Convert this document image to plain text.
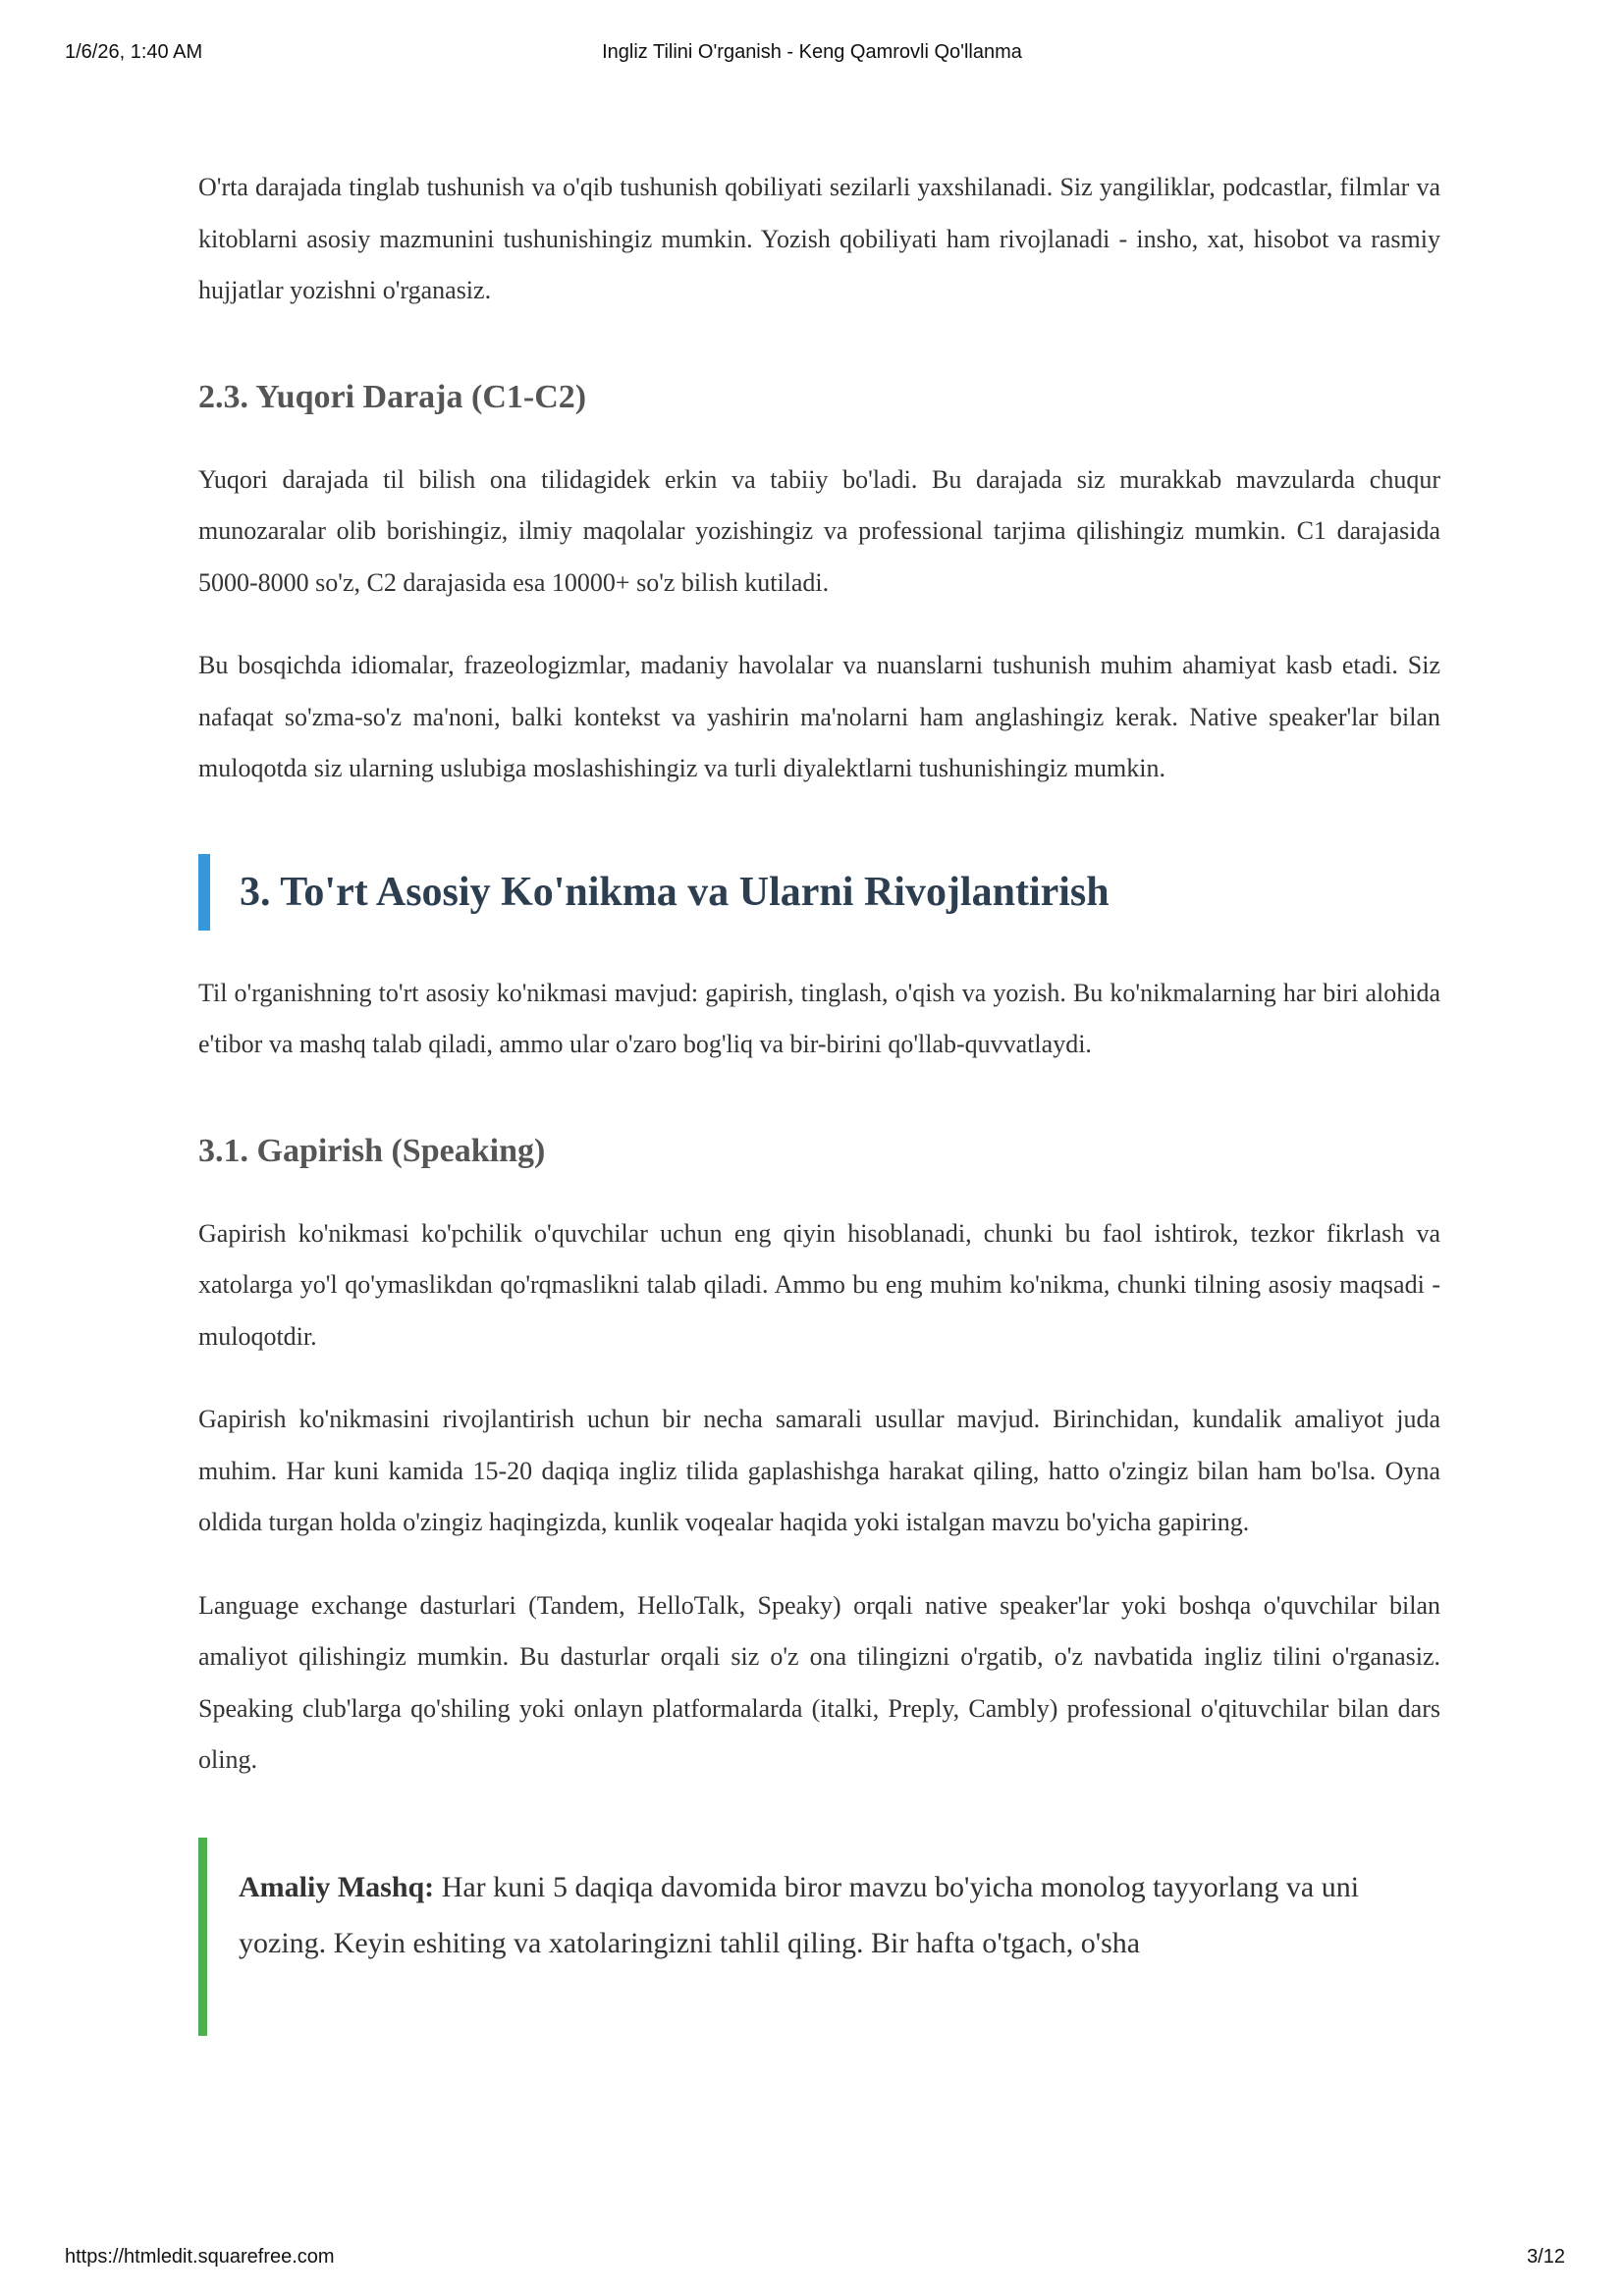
1/6/26, 1:40 AM	Ingliz Tilini O'rganish - Keng Qamrovli Qo'llanma

O'rta darajada tinglab tushunish va o'qib tushunish qobiliyati sezilarli yaxshilanadi. Siz yangiliklar, podcastlar, filmlar va kitoblarni asosiy mazmunini tushunishingiz mumkin. Yozish qobiliyati ham rivojlanadi - insho, xat, hisobot va rasmiy hujjatlar yozishni o'rganasiz.

2.3. Yuqori Daraja (C1-C2)

Yuqori darajada til bilish ona tilidagidek erkin va tabiiy bo'ladi. Bu darajada siz murakkab mavzularda chuqur munozaralar olib borishingiz, ilmiy maqolalar yozishingiz va professional tarjima qilishingiz mumkin. C1 darajasida 5000-8000 so'z, C2 darajasida esa 10000+ so'z bilish kutiladi.

Bu bosqichda idiomalar, frazeologizmlar, madaniy havolalar va nuanslarni tushunish muhim ahamiyat kasb etadi. Siz nafaqat so'zma-so'z ma'noni, balki kontekst va yashirin ma'nolarni ham anglashingiz kerak. Native speaker'lar bilan muloqotda siz ularning uslubiga moslashishingiz va turli diyalektlarni tushunishingiz mumkin.

3. To'rt Asosiy Ko'nikma va Ularni Rivojlantirish

Til o'rganishning to'rt asosiy ko'nikmasi mavjud: gapirish, tinglash, o'qish va yozish. Bu ko'nikmalarning har biri alohida e'tibor va mashq talab qiladi, ammo ular o'zaro bog'liq va bir-birini qo'llab-quvvatlaydi.

3.1. Gapirish (Speaking)

Gapirish ko'nikmasi ko'pchilik o'quvchilar uchun eng qiyin hisoblanadi, chunki bu faol ishtirok, tezkor fikrlash va xatolarga yo'l qo'ymaslikdan qo'rqmaslikni talab qiladi. Ammo bu eng muhim ko'nikma, chunki tilning asosiy maqsadi - muloqotdir.

Gapirish ko'nikmasini rivojlantirish uchun bir necha samarali usullar mavjud. Birinchidan, kundalik amaliyot juda muhim. Har kuni kamida 15-20 daqiqa ingliz tilida gaplashishga harakat qiling, hatto o'zingiz bilan ham bo'lsa. Oyna oldida turgan holda o'zingiz haqingizda, kunlik voqealar haqida yoki istalgan mavzu bo'yicha gapiring.

Language exchange dasturlari (Tandem, HelloTalk, Speaky) orqali native speaker'lar yoki boshqa o'quvchilar bilan amaliyot qilishingiz mumkin. Bu dasturlar orqali siz o'z ona tilingizni o'rgatib, o'z navbatida ingliz tilini o'rganasiz. Speaking club'larga qo'shiling yoki onlayn platformalarda (italki, Preply, Cambly) professional o'qituvchilar bilan dars oling.

Amaliy Mashq: Har kuni 5 daqiqa davomida biror mavzu bo'yicha monolog tayyorlang va uni yozing. Keyin eshiting va xatolaringizni tahlil qiling. Bir hafta o'tgach, o'sha
https://htmledit.squarefree.com	3/12
